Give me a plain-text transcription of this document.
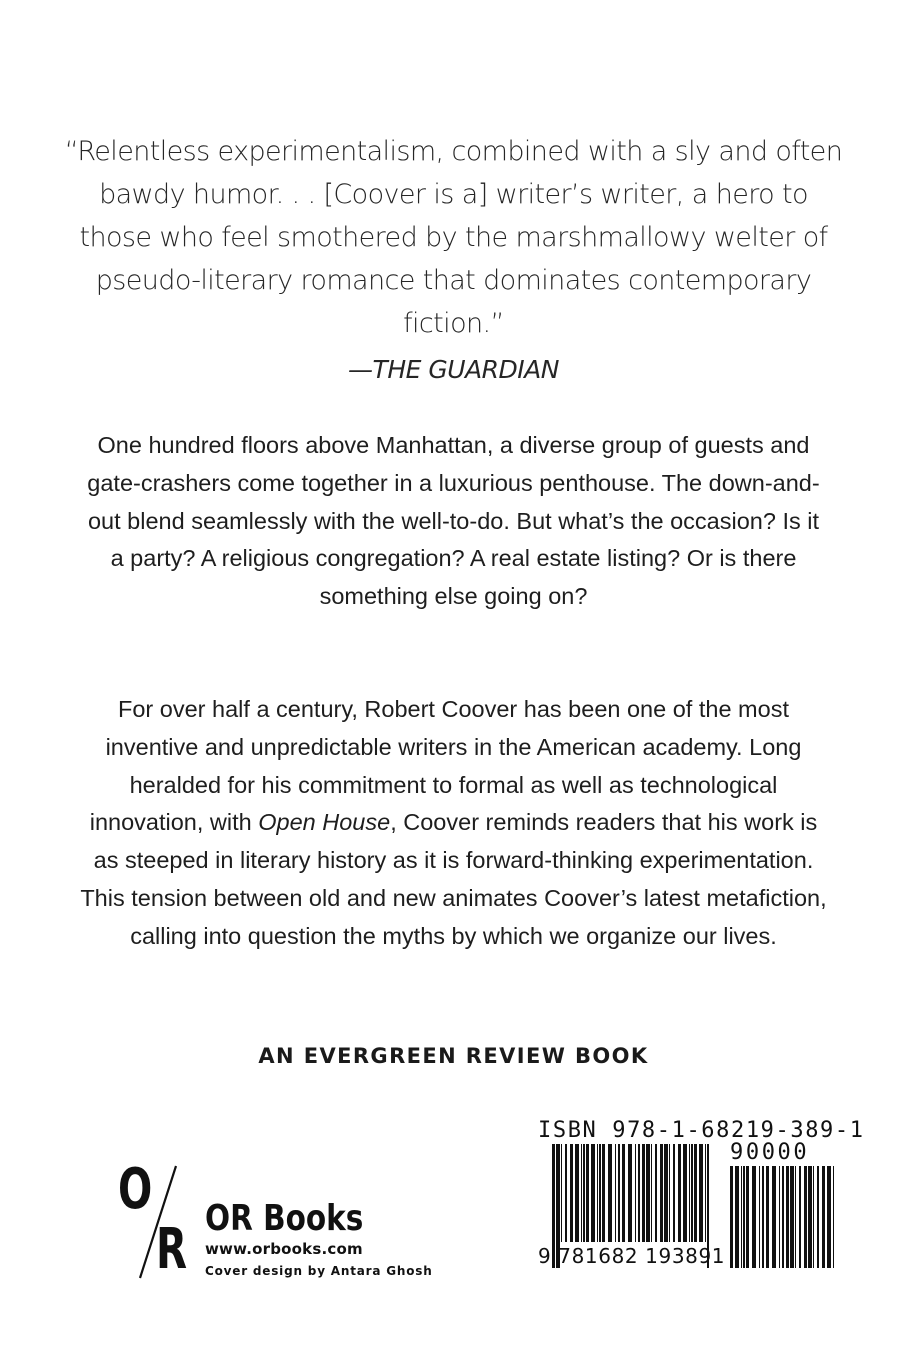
“Relentless experimentalism, combined with a sly and often bawdy humor. . . [Coover is a] writer’s writer, a hero to those who feel smothered by the marshmallowy welter of pseudo-literary romance that dominates contemporary fiction.”

—THE GUARDIAN

One hundred floors above Manhattan, a diverse group of guests and gate-crashers come together in a luxurious penthouse. The down-and-out blend seamlessly with the well-to-do. But what’s the occasion? Is it a party? A religious congregation? A real estate listing? Or is there something else going on?

For over half a century, Robert Coover has been one of the most inventive and unpredictable writers in the American academy. Long heralded for his commitment to formal as well as technological innovation, with Open House, Coover reminds readers that his work is as steeped in literary history as it is forward-thinking experimentation. This tension between old and new animates Coover’s latest metafiction, calling into question the myths by which we organize our lives.

AN EVERGREEN REVIEW BOOK
O
R OR Books
www.orbooks.com
Cover design by Antara Ghosh
ISBN 978-1-68219-389-1
90000
9 781682 193891
